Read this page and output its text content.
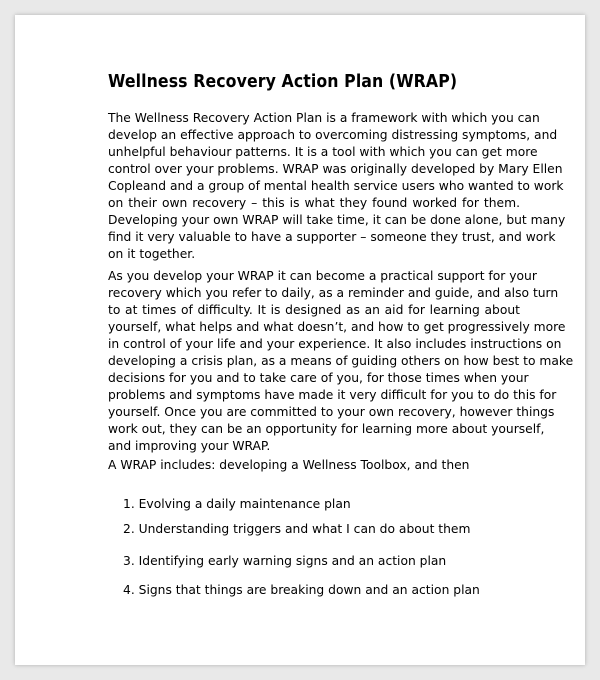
Wellness Recovery Action Plan (WRAP)
The Wellness Recovery Action Plan is a framework with which you can
develop an effective approach to overcoming distressing symptoms, and
unhelpful behaviour patterns. It is a tool with which you can get more
control over your problems. WRAP was originally developed by Mary Ellen
Copleand and a group of mental health service users who wanted to work
on their own recovery – this is what they found worked for them.
Developing your own WRAP will take time, it can be done alone, but many
find it very valuable to have a supporter – someone they trust, and work
on it together.
As you develop your WRAP it can become a practical support for your
recovery which you refer to daily, as a reminder and guide, and also turn
to at times of difficulty. It is designed as an aid for learning about
yourself, what helps and what doesn’t, and how to get progressively more
in control of your life and your experience. It also includes instructions on
developing a crisis plan, as a means of guiding others on how best to make
decisions for you and to take care of you, for those times when your
problems and symptoms have made it very difficult for you to do this for
yourself. Once you are committed to your own recovery, however things
work out, they can be an opportunity for learning more about yourself,
and improving your WRAP.
A WRAP includes: developing a Wellness Toolbox, and then
1. Evolving a daily maintenance plan
2. Understanding triggers and what I can do about them
3. Identifying early warning signs and an action plan
4. Signs that things are breaking down and an action plan
